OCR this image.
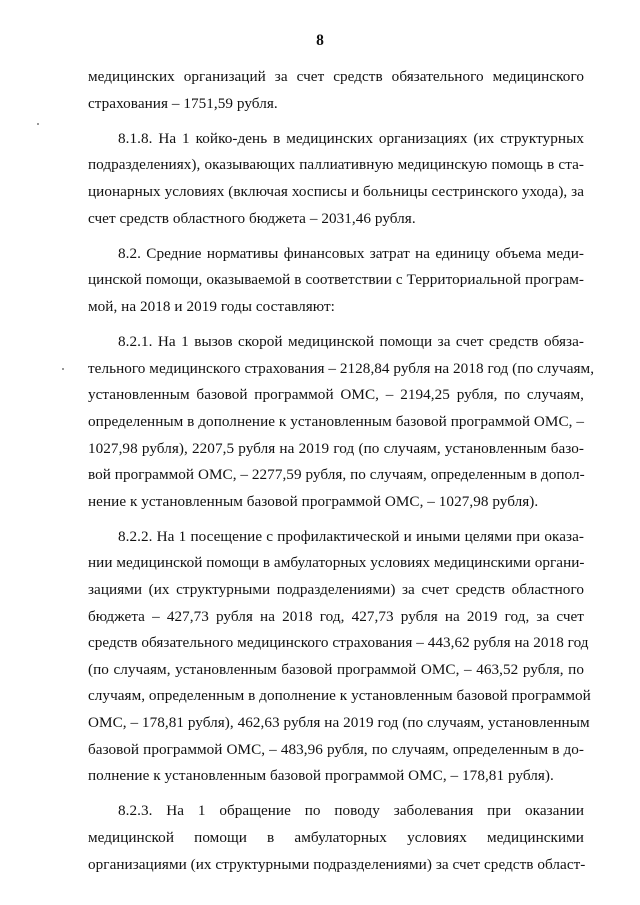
8
медицинских организаций за счет средств обязательного медицинского
страхования – 1751,59 рубля.
8.1.8. На 1 койко-день в медицинских организациях (их структурных
подразделениях), оказывающих паллиативную медицинскую помощь в ста-
ционарных условиях (включая хосписы и больницы сестринского ухода), за
счет средств областного бюджета – 2031,46 рубля.
8.2. Средние нормативы финансовых затрат на единицу объема меди-
цинской помощи, оказываемой в соответствии с Территориальной програм-
мой, на 2018 и 2019 годы составляют:
8.2.1. На 1 вызов скорой медицинской помощи за счет средств обяза-
тельного медицинского страхования – 2128,84 рубля на 2018 год (по случаям,
установленным базовой программой ОМС, – 2194,25 рубля, по случаям,
определенным в дополнение к установленным базовой программой ОМС, –
1027,98 рубля), 2207,5 рубля на 2019 год (по случаям, установленным базо-
вой программой ОМС, – 2277,59 рубля, по случаям, определенным в допол-
нение к установленным базовой программой ОМС, – 1027,98 рубля).
8.2.2. На 1 посещение с профилактической и иными целями при оказа-
нии медицинской помощи в амбулаторных условиях медицинскими органи-
зациями (их структурными подразделениями) за счет средств областного
бюджета – 427,73 рубля на 2018 год, 427,73 рубля на 2019 год, за счет
средств обязательного медицинского страхования – 443,62 рубля на 2018 год
(по случаям, установленным базовой программой ОМС, – 463,52 рубля, по
случаям, определенным в дополнение к установленным базовой программой
ОМС, – 178,81 рубля), 462,63 рубля на 2019 год (по случаям, установленным
базовой программой ОМС, – 483,96 рубля, по случаям, определенным в до-
полнение к установленным базовой программой ОМС, – 178,81 рубля).
8.2.3. На 1 обращение по поводу заболевания при оказании
медицинской помощи в амбулаторных условиях медицинскими
организациями (их структурными подразделениями) за счет средств област-
